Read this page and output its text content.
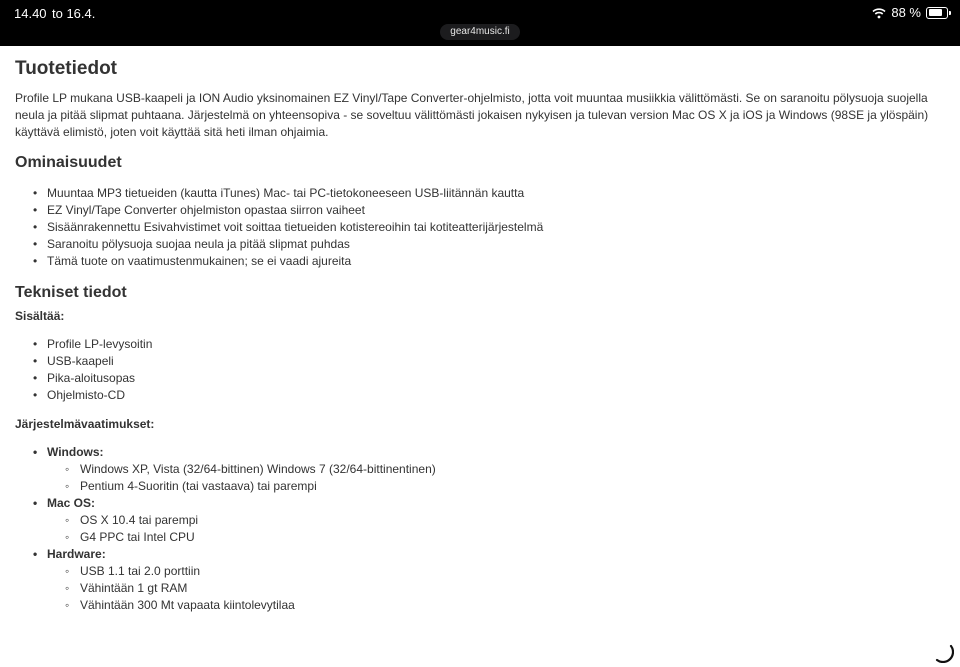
14.40 to 16.4.	88 %
gear4music.fi
Tuotetiedot

Profile LP mukana USB-kaapeli ja ION Audio yksinomainen EZ Vinyl/Tape Converter-ohjelmisto, jotta voit muuntaa musiikkia välittömästi. Se on saranoitu pölysuoja suojella neula ja pitää slipmat puhtaana. Järjestelmä on yhteensopiva - se soveltuu välittömästi jokaisen nykyisen ja tulevan version Mac OS X ja iOS ja Windows (98SE ja ylöspäin) käyttävä elimistö, joten voit käyttää sitä heti ilman ohjaimia.

Ominaisuudet
• Muuntaa MP3 tietueiden (kautta iTunes) Mac- tai PC-tietokoneeseen USB-liitännän kautta
• EZ Vinyl/Tape Converter ohjelmiston opastaa siirron vaiheet
• Sisäänrakennettu Esivahvistimet voit soittaa tietueiden kotistereoihin tai kotiteatterijärjestelmä
• Saranoitu pölysuoja suojaa neula ja pitää slipmat puhdas
• Tämä tuote on vaatimustenmukainen; se ei vaadi ajureita
Tekniset tiedot
Sisältää:
• Profile LP-levysoitin
• USB-kaapeli
• Pika-aloitusopas
• Ohjelmisto-CD
Järjestelmävaatimukset:
• Windows:
◦ Windows XP, Vista (32/64-bittinen) Windows 7 (32/64-bittinentinen)
◦ Pentium 4-Suoritin (tai vastaava) tai parempi
• Mac OS:
◦ OS X 10.4 tai parempi
◦ G4 PPC tai Intel CPU
• Hardware:
◦ USB 1.1 tai 2.0 porttiin
◦ Vähintään 1 gt RAM
◦ Vähintään 300 Mt vapaata kiintolevytilaa
